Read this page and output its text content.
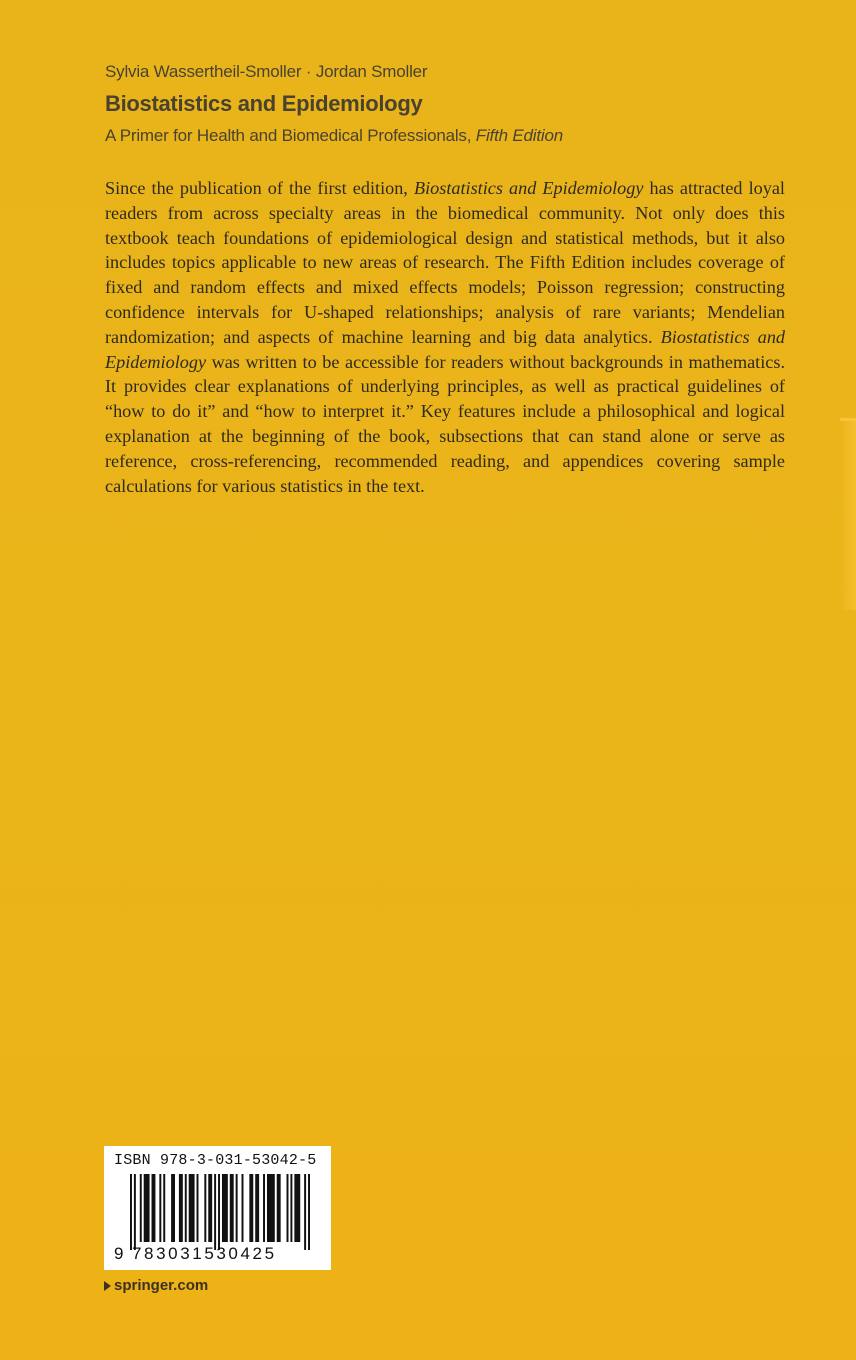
Sylvia Wassertheil-Smoller · Jordan Smoller
Biostatistics and Epidemiology
A Primer for Health and Biomedical Professionals, Fifth Edition
Since the publication of the first edition, Biostatistics and Epidemiology has attracted loyal readers from across specialty areas in the biomedical community. Not only does this textbook teach foundations of epidemiological design and statistical methods, but it also includes topics applicable to new areas of research. The Fifth Edition includes coverage of fixed and random effects and mixed effects models; Poisson regression; constructing confidence intervals for U-shaped relationships; analysis of rare variants; Mendelian randomization; and aspects of machine learning and big data analytics. Biostatistics and Epidemiology was written to be accessible for readers without backgrounds in mathematics. It provides clear explanations of underlying principles, as well as practical guidelines of “how to do it” and “how to interpret it.” Key features include a philosophical and logical explanation at the beginning of the book, subsections that can stand alone or serve as reference, cross-referencing, recommended reading, and appendices covering sample calculations for various statistics in the text.
ISBN 978-3-031-53042-5
9 783031530425
springer.com
